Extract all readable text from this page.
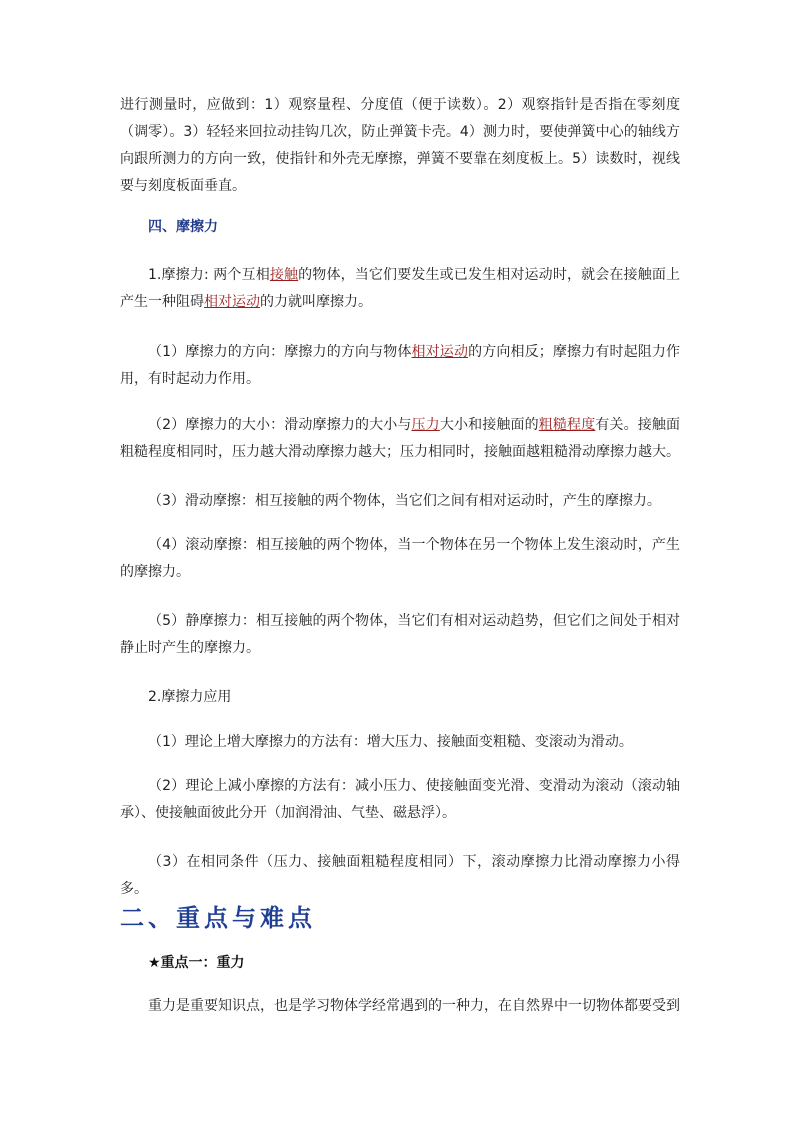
进行测量时，应做到：1）观察量程、分度值（便于读数）。2）观察指针是否指在零刻度（调零）。3）轻轻来回拉动挂钩几次，防止弹簧卡壳。4）测力时，要使弹簧中心的轴线方向跟所测力的方向一致，使指针和外壳无摩擦，弹簧不要靠在刻度板上。5）读数时，视线要与刻度板面垂直。

四、摩擦力

1.摩擦力: 两个互相接触的物体，当它们要发生或已发生相对运动时，就会在接触面上产生一种阻碍相对运动的力就叫摩擦力。

（1）摩擦力的方向：摩擦力的方向与物体相对运动的方向相反；摩擦力有时起阻力作用，有时起动力作用。

（2）摩擦力的大小：滑动摩擦力的大小与压力大小和接触面的粗糙程度有关。接触面粗糙程度相同时，压力越大滑动摩擦力越大；压力相同时，接触面越粗糙滑动摩擦力越大。

（3）滑动摩擦：相互接触的两个物体，当它们之间有相对运动时，产生的摩擦力。

（4）滚动摩擦：相互接触的两个物体，当一个物体在另一个物体上发生滚动时，产生的摩擦力。

（5）静摩擦力：相互接触的两个物体，当它们有相对运动趋势，但它们之间处于相对静止时产生的摩擦力。

2.摩擦力应用

（1）理论上增大摩擦力的方法有：增大压力、接触面变粗糙、变滚动为滑动。

（2）理论上减小摩擦的方法有：减小压力、使接触面变光滑、变滑动为滚动（滚动轴承）、使接触面彼此分开（加润滑油、气垫、磁悬浮）。

（3）在相同条件（压力、接触面粗糙程度相同）下，滚动摩擦力比滑动摩擦力小得多。

二、重点与难点

★重点一：重力

重力是重要知识点，也是学习物体学经常遇到的一种力，在自然界中一切物体都要受到
